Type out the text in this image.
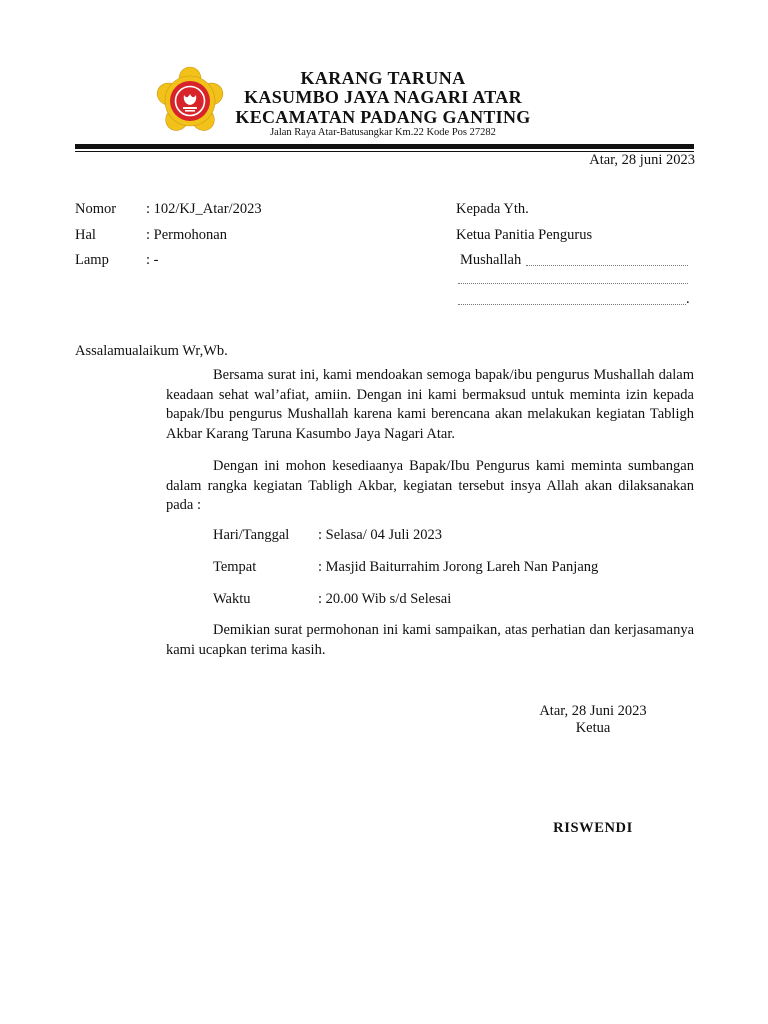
KARANG TARUNA
KASUMBO JAYA NAGARI ATAR
KECAMATAN PADANG GANTING
Jalan Raya Atar-Batusangkar Km.22 Kode Pos 27282
Atar, 28 juni 2023
Nomor : 102/KJ_Atar/2023
Hal	: Permohonan
Lamp	: -
Kepada Yth.
Ketua Panitia Pengurus
Mushallah
.
Assalamualaikum Wr,Wb.
Bersama surat ini, kami mendoakan semoga bapak/ibu pengurus Mushallah dalam keadaan sehat wal’afiat, amiin. Dengan ini kami bermaksud untuk meminta izin kepada bapak/Ibu pengurus Mushallah karena kami berencana akan melakukan kegiatan Tabligh Akbar Karang Taruna Kasumbo Jaya Nagari Atar.
Dengan ini mohon kesediaanya Bapak/Ibu Pengurus kami meminta sumbangan dalam rangka kegiatan Tabligh Akbar, kegiatan tersebut insya Allah akan dilaksanakan pada :
Hari/Tanggal : Selasa/ 04 Juli 2023
Tempat	: Masjid Baiturrahim Jorong Lareh Nan Panjang
Waktu	: 20.00 Wib s/d Selesai
Demikian surat permohonan ini kami sampaikan, atas perhatian dan kerjasamanya kami ucapkan terima kasih.
Atar, 28 Juni 2023
Ketua
RISWENDI
